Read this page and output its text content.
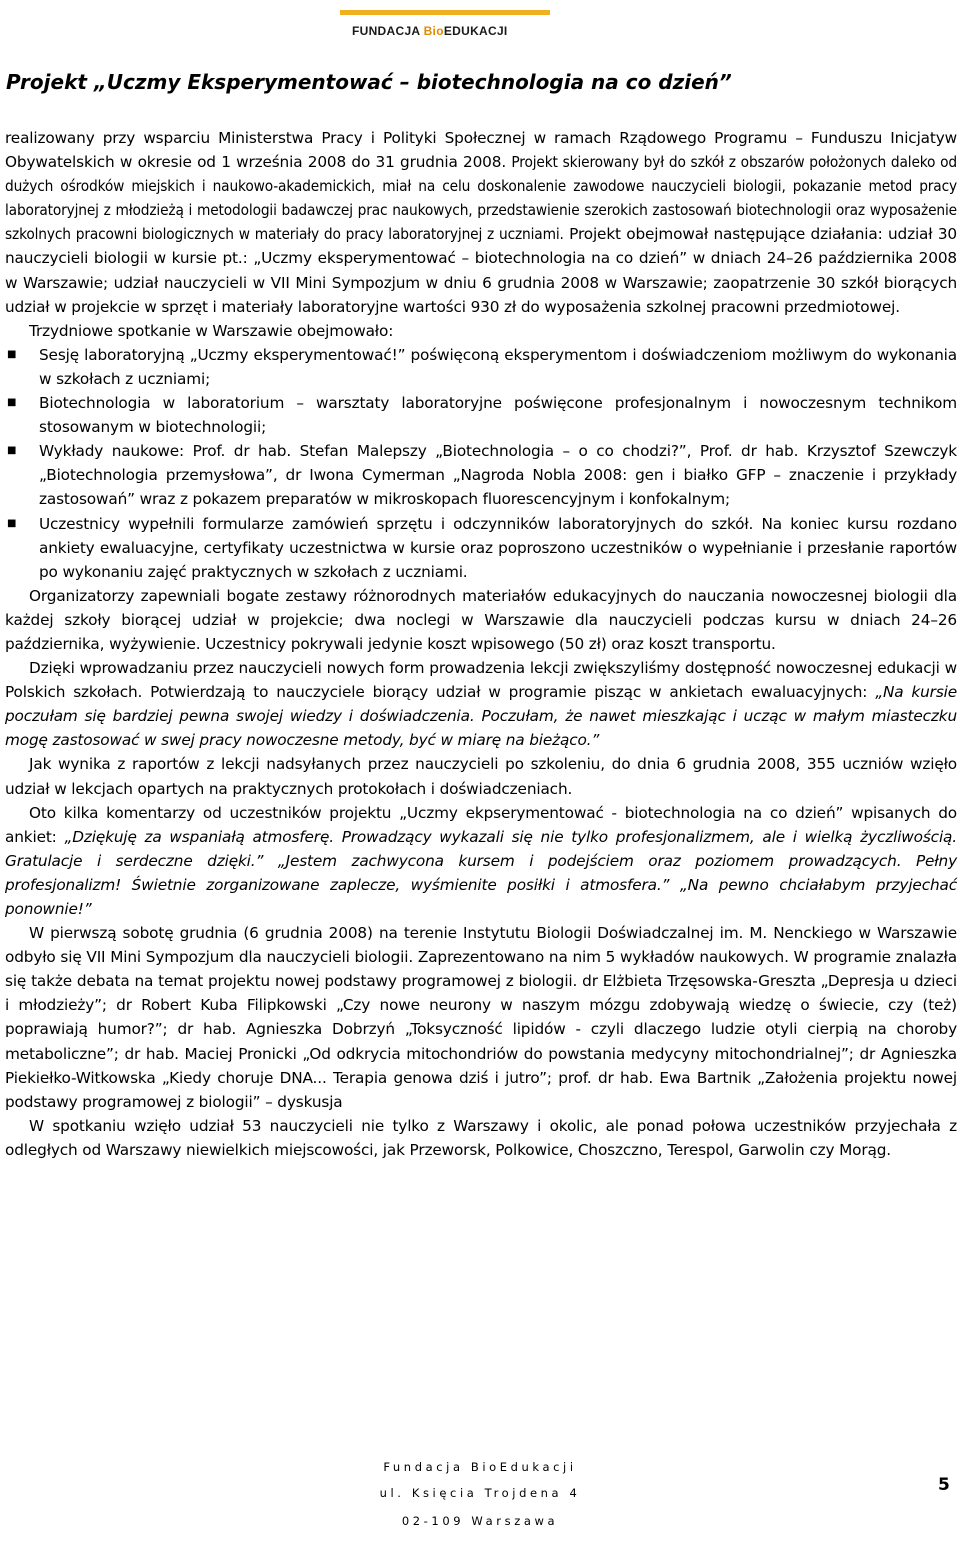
FUNDACJA BioEDUKACJI
Projekt „Uczmy Eksperymentować – biotechnologia na co dzień”

realizowany przy wsparciu Ministerstwa Pracy i Polityki Społecznej w ramach Rządowego Programu – Funduszu Inicjatyw Obywatelskich w okresie od 1 września 2008 do 31 grudnia 2008. Projekt skierowany był do szkół z obszarów położonych daleko od dużych ośrodków miejskich i naukowo-akademickich, miał na celu doskonalenie zawodowe nauczycieli biologii, pokazanie metod pracy laboratoryjnej z młodzieżą i metodologii badawczej prac naukowych, przedstawienie szerokich zastosowań biotechnologii oraz wyposażenie szkolnych pracowni biologicznych w materiały do pracy laboratoryjnej z uczniami. Projekt obejmował następujące działania: udział 30 nauczycieli biologii w kursie pt.: „Uczmy eksperymentować – biotechnologia na co dzień” w dniach 24–26 października 2008 w Warszawie; udział nauczycieli w VII Mini Sympozjum w dniu 6 grudnia 2008 w Warszawie; zaopatrzenie 30 szkół biorących udział w projekcie w sprzęt i materiały laboratoryjne wartości 930 zł do wyposażenia szkolnej pracowni przedmiotowej.

Trzydniowe spotkanie w Warszawie obejmowało:

■ Sesję laboratoryjną „Uczmy eksperymentować!” poświęconą eksperymentom i doświadczeniom możliwym do wykonania w szkołach z uczniami;
■ Biotechnologia w laboratorium – warsztaty laboratoryjne poświęcone profesjonalnym i nowoczesnym technikom stosowanym w biotechnologii;
■ Wykłady naukowe: Prof. dr hab. Stefan Malepszy „Biotechnologia – o co chodzi?”, Prof. dr hab. Krzysztof Szewczyk „Biotechnologia przemysłowa”, dr Iwona Cymerman „Nagroda Nobla 2008: gen i białko GFP – znaczenie i przykłady zastosowań” wraz z pokazem preparatów w mikroskopach fluorescencyjnym i konfokalnym;
■ Uczestnicy wypełnili formularze zamówień sprzętu i odczynników laboratoryjnych do szkół. Na koniec kursu rozdano ankiety ewaluacyjne, certyfikaty uczestnictwa w kursie oraz poproszono uczestników o wypełnianie i przesłanie raportów po wykonaniu zajęć praktycznych w szkołach z uczniami.

Organizatorzy zapewniali bogate zestawy różnorodnych materiałów edukacyjnych do nauczania nowoczesnej biologii dla każdej szkoły biorącej udział w projekcie; dwa noclegi w Warszawie dla nauczycieli podczas kursu w dniach 24–26 października, wyżywienie. Uczestnicy pokrywali jedynie koszt wpisowego (50 zł) oraz koszt transportu.

Dzięki wprowadzaniu przez nauczycieli nowych form prowadzenia lekcji zwiększyliśmy dostępność nowoczesnej edukacji w Polskich szkołach. Potwierdzają to nauczyciele biorący udział w programie pisząc w ankietach ewaluacyjnych: „Na kursie poczułam się bardziej pewna swojej wiedzy i doświadczenia. Poczułam, że nawet mieszkając i ucząc w małym miasteczku mogę zastosować w swej pracy nowoczesne metody, być w miarę na bieżąco.”

Jak wynika z raportów z lekcji nadsyłanych przez nauczycieli po szkoleniu, do dnia 6 grudnia 2008, 355 uczniów wzięło udział w lekcjach opartych na praktycznych protokołach i doświadczeniach.

Oto kilka komentarzy od uczestników projektu „Uczmy ekpserymentować - biotechnologia na co dzień” wpisanych do ankiet: „Dziękuję za wspaniałą atmosferę. Prowadzący wykazali się nie tylko profesjonalizmem, ale i wielką życzliwością. Gratulacje i serdeczne dzięki.” „Jestem zachwycona kursem i podejściem oraz poziomem prowadzących. Pełny profesjonalizm! Świetnie zorganizowane zaplecze, wyśmienite posiłki i atmosfera.” „Na pewno chciałabym przyjechać ponownie!”

W pierwszą sobotę grudnia (6 grudnia 2008) na terenie Instytutu Biologii Doświadczalnej im. M. Nenckiego w Warszawie odbyło się VII Mini Sympozjum dla nauczycieli biologii. Zaprezentowano na nim 5 wykładów naukowych. W programie znalazła się także debata na temat projektu nowej podstawy programowej z biologii. dr Elżbieta Trzęsowska-Greszta „Depresja u dzieci i młodzieży”; dr Robert Kuba Filipkowski „Czy nowe neurony w naszym mózgu zdobywają wiedzę o świecie, czy (też) poprawiają humor?”; dr hab. Agnieszka Dobrzyń „Toksyczność lipidów - czyli dlaczego ludzie otyli cierpią na choroby metaboliczne”; dr hab. Maciej Pronicki „Od odkrycia mitochondriów do powstania medycyny mitochondrialnej”; dr Agnieszka Piekiełko-Witkowska „Kiedy choruje DNA... Terapia genowa dziś i jutro”; prof. dr hab. Ewa Bartnik „Założenia projektu nowej podstawy programowej z biologii” – dyskusja

W spotkaniu wzięło udział 53 nauczycieli nie tylko z Warszawy i okolic, ale ponad połowa uczestników przyjechała z odległych od Warszawy niewielkich miejscowości, jak Przeworsk, Polkowice, Choszczno, Terespol, Garwolin czy Morąg.

Fundacja BioEdukacji
ul. Księcia Trojdena 4
02-109 Warszawa
5
